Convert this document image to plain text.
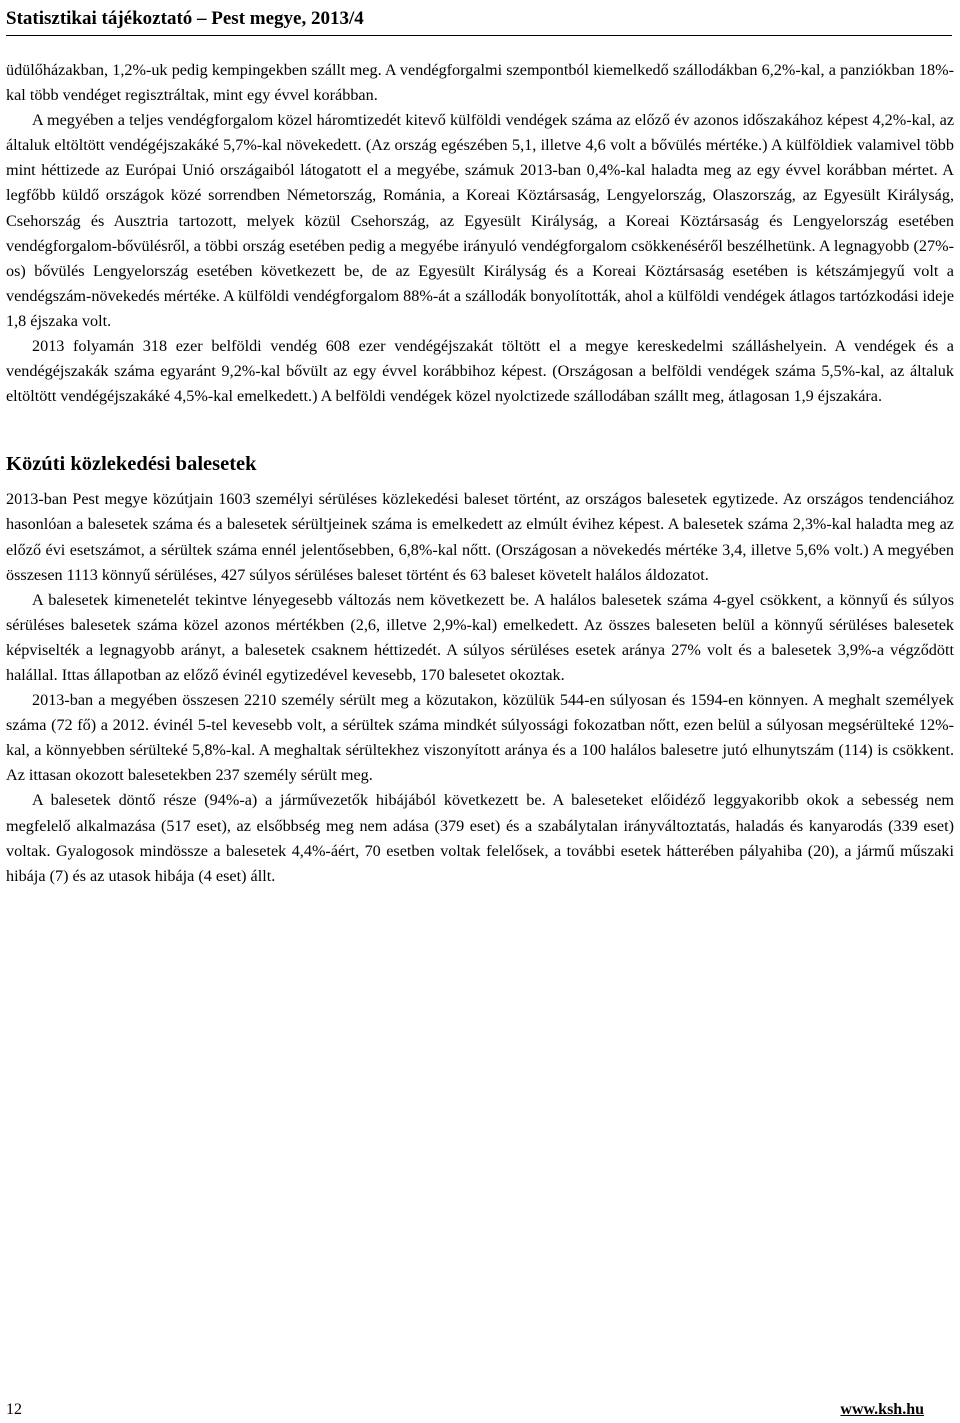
Statisztikai tájékoztató – Pest megye, 2013/4

üdülőházakban, 1,2%-uk pedig kempingekben szállt meg. A vendégforgalmi szempontból kiemelkedő szállodákban 6,2%-kal, a panziókban 18%-kal több vendéget regisztráltak, mint egy évvel korábban.

A megyében a teljes vendégforgalom közel háromtizedét kitevő külföldi vendégek száma az előző év azonos időszakához képest 4,2%-kal, az általuk eltöltött vendégéjszakáké 5,7%-kal növekedett. (Az ország egészében 5,1, illetve 4,6 volt a bővülés mértéke.) A külföldiek valamivel több mint héttizede az Európai Unió országaiból látogatott el a megyébe, számuk 2013-ban 0,4%-kal haladta meg az egy évvel korábban mértet. A legfőbb küldő országok közé sorrendben Németország, Románia, a Koreai Köztársaság, Lengyelország, Olaszország, az Egyesült Királyság, Csehország és Ausztria tartozott, melyek közül Csehország, az Egyesült Királyság, a Koreai Köztársaság és Lengyelország esetében vendégforgalom-bővülésről, a többi ország esetében pedig a megyébe irányuló vendégforgalom csökkenéséről beszélhetünk. A legnagyobb (27%-os) bővülés Lengyelország esetében következett be, de az Egyesült Királyság és a Koreai Köztársaság esetében is kétszámjegyű volt a vendégszám-növekedés mértéke. A külföldi vendégforgalom 88%-át a szállodák bonyolították, ahol a külföldi vendégek átlagos tartózkodási ideje 1,8 éjszaka volt.

2013 folyamán 318 ezer belföldi vendég 608 ezer vendégéjszakát töltött el a megye kereskedelmi szálláshelyein. A vendégek és a vendégéjszakák száma egyaránt 9,2%-kal bővült az egy évvel korábbihoz képest. (Országosan a belföldi vendégek száma 5,5%-kal, az általuk eltöltött vendégéjszakáké 4,5%-kal emelkedett.) A belföldi vendégek közel nyolctizede szállodában szállt meg, átlagosan 1,9 éjszakára.

Közúti közlekedési balesetek

2013-ban Pest megye közútjain 1603 személyi sérüléses közlekedési baleset történt, az országos balesetek egytizede. Az országos tendenciához hasonlóan a balesetek száma és a balesetek sérültjeinek száma is emelkedett az elmúlt évihez képest. A balesetek száma 2,3%-kal haladta meg az előző évi esetszámot, a sérültek száma ennél jelentősebben, 6,8%-kal nőtt. (Országosan a növekedés mértéke 3,4, illetve 5,6% volt.) A megyében összesen 1113 könnyű sérüléses, 427 súlyos sérüléses baleset történt és 63 baleset követelt halálos áldozatot.

A balesetek kimenetelét tekintve lényegesebb változás nem következett be. A halálos balesetek száma 4-gyel csökkent, a könnyű és súlyos sérüléses balesetek száma közel azonos mértékben (2,6, illetve 2,9%-kal) emelkedett. Az összes baleseten belül a könnyű sérüléses balesetek képviselték a legnagyobb arányt, a balesetek csaknem héttizedét. A súlyos sérüléses esetek aránya 27% volt és a balesetek 3,9%-a végződött halállal. Ittas állapotban az előző évinél egytizedével kevesebb, 170 balesetet okoztak.

2013-ban a megyében összesen 2210 személy sérült meg a közutakon, közülük 544-en súlyosan és 1594-en könnyen. A meghalt személyek száma (72 fő) a 2012. évinél 5-tel kevesebb volt, a sérültek száma mindkét súlyossági fokozatban nőtt, ezen belül a súlyosan megsérülteké 12%-kal, a könnyebben sérülteké 5,8%-kal. A meghaltak sérültekhez viszonyított aránya és a 100 halálos balesetre jutó elhunytszám (114) is csökkent. Az ittasan okozott balesetekben 237 személy sérült meg.

A balesetek döntő része (94%-a) a járművezetők hibájából következett be. A baleseteket előidéző leggyakoribb okok a sebesség nem megfelelő alkalmazása (517 eset), az elsőbbség meg nem adása (379 eset) és a szabálytalan irányváltoztatás, haladás és kanyarodás (339 eset) voltak. Gyalogosok mindössze a balesetek 4,4%-áért, 70 esetben voltak felelősek, a további esetek hátterében pályahiba (20), a jármű műszaki hibája (7) és az utasok hibája (4 eset) állt.

12	www.ksh.hu
